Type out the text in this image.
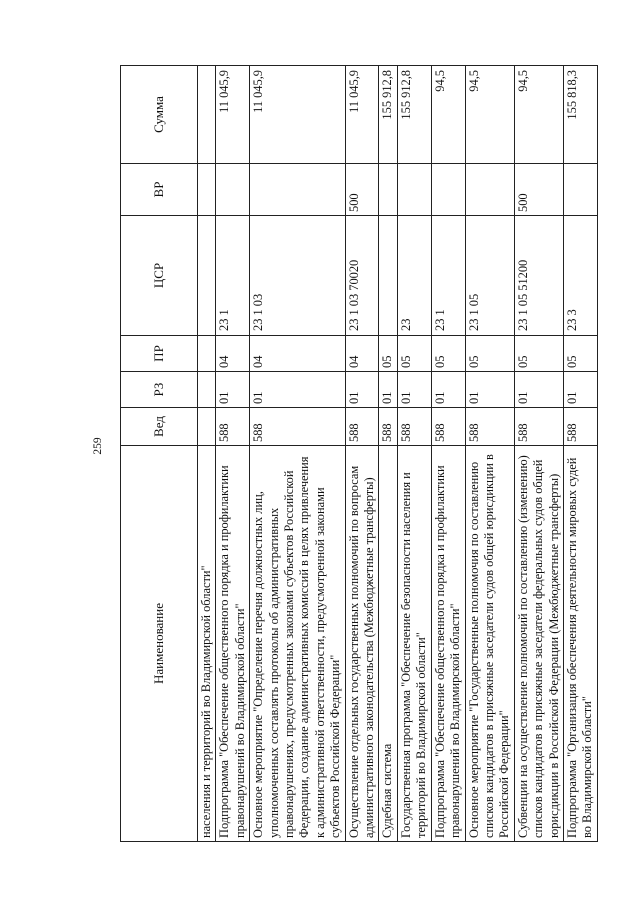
259
Наименование	Вед	РЗ	ПР	ЦСР	ВР	Сумма
населения и территорий во Владимирской области"						
Подпрограмма "Обеспечение общественного порядка и профилактики правонарушений во Владимирской области"	588	01	04	23 1		11 045,9
Основное мероприятие "Определение перечня должностных лиц, уполномоченных составлять протоколы об административных правонарушениях, предусмотренных законами субъектов Российской Федерации, создание административных комиссий в целях привлечения к административной ответственности, предусмотренной законами субъектов Российской Федерации"	588	01	04	23 1 03		11 045,9
Осуществление отдельных государственных полномочий по вопросам административного законодательства (Межбюджетные трансферты)	588	01	04	23 1 03 70020	500	11 045,9
Судебная система	588	01	05			155 912,8
Государственная программа "Обеспечение безопасности населения и территорий во Владимирской области"	588	01	05	23		155 912,8
Подпрограмма "Обеспечение общественного порядка и профилактики правонарушений во Владимирской области"	588	01	05	23 1		94,5
Основное мероприятие "Государственные полномочия по составлению списков кандидатов в присяжные заседатели судов общей юрисдикции в Российской Федерации"	588	01	05	23 1 05		94,5
Субвенции на осуществление полномочий по составлению (изменению) списков кандидатов в присяжные заседатели федеральных судов общей юрисдикции в Российской Федерации (Межбюджетные трансферты)	588	01	05	23 1 05 51200	500	94,5
Подпрограмма "Организация обеспечения деятельности мировых судей во Владимирской области"	588	01	05	23 3		155 818,3
